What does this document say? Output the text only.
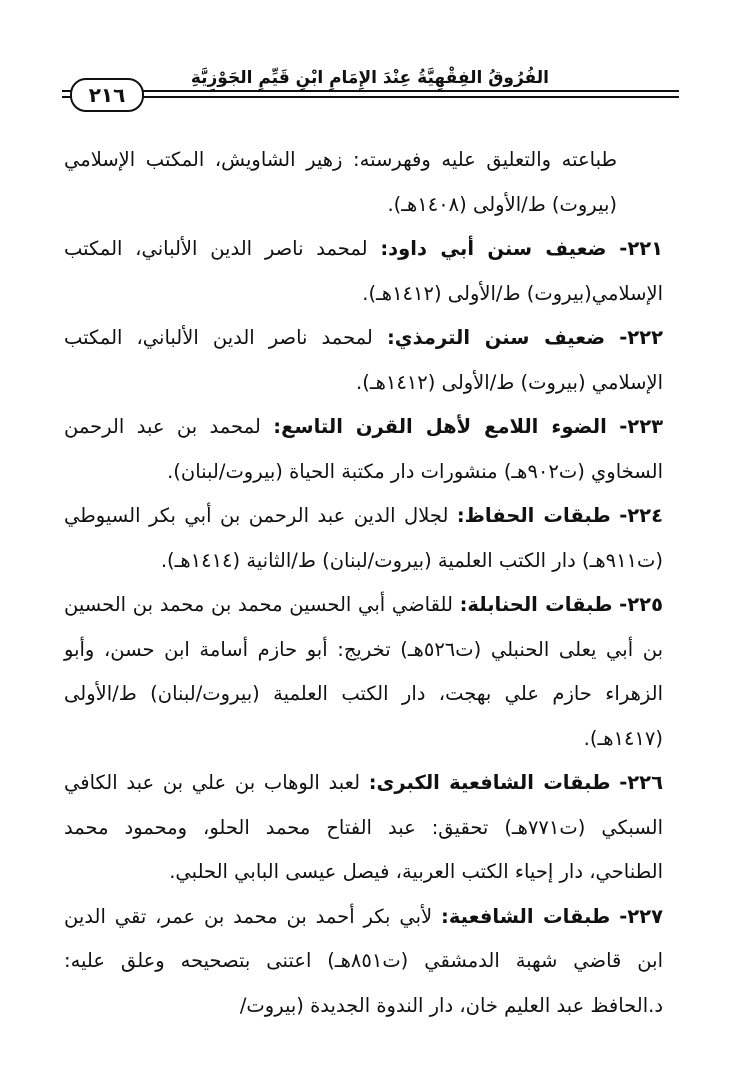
الفُرُوقُ الفِقْهِيَّةُ عِنْدَ الإِمَامِ ابْنِ قَيِّمِ الجَوْزِيَّةِ
٢١٦

طباعته والتعليق عليه وفهرسته: زهير الشاويش، المكتب الإسلامي (بيروت) ط/الأولى (١٤٠٨هـ).

٢٢١- ضعيف سنن أبي داود: لمحمد ناصر الدين الألباني، المكتب الإسلامي(بيروت) ط/الأولى (١٤١٢هـ).

٢٢٢- ضعيف سنن الترمذي: لمحمد ناصر الدين الألباني، المكتب الإسلامي (بيروت) ط/الأولى (١٤١٢هـ).

٢٢٣- الضوء اللامع لأهل القرن التاسع: لمحمد بن عبد الرحمن السخاوي (ت٩٠٢هـ) منشورات دار مكتبة الحياة (بيروت/لبنان).

٢٢٤- طبقات الحفاظ: لجلال الدين عبد الرحمن بن أبي بكر السيوطي (ت٩١١هـ) دار الكتب العلمية (بيروت/لبنان) ط/الثانية (١٤١٤هـ).

٢٢٥- طبقات الحنابلة: للقاضي أبي الحسين محمد بن محمد بن الحسين بن أبي يعلى الحنبلي (ت٥٢٦هـ) تخريج: أبو حازم أسامة ابن حسن، وأبو الزهراء حازم علي بهجت، دار الكتب العلمية (بيروت/لبنان) ط/الأولى (١٤١٧هـ).

٢٢٦- طبقات الشافعية الكبرى: لعبد الوهاب بن علي بن عبد الكافي السبكي (ت٧٧١هـ) تحقيق: عبد الفتاح محمد الحلو، ومحمود محمد الطناحي، دار إحياء الكتب العربية، فيصل عيسى البابي الحلبي.

٢٢٧- طبقات الشافعية: لأبي بكر أحمد بن محمد بن عمر، تقي الدين ابن قاضي شهبة الدمشقي (ت٨٥١هـ) اعتنى بتصحيحه وعلق عليه: د.الحافظ عبد العليم خان، دار الندوة الجديدة (بيروت/
